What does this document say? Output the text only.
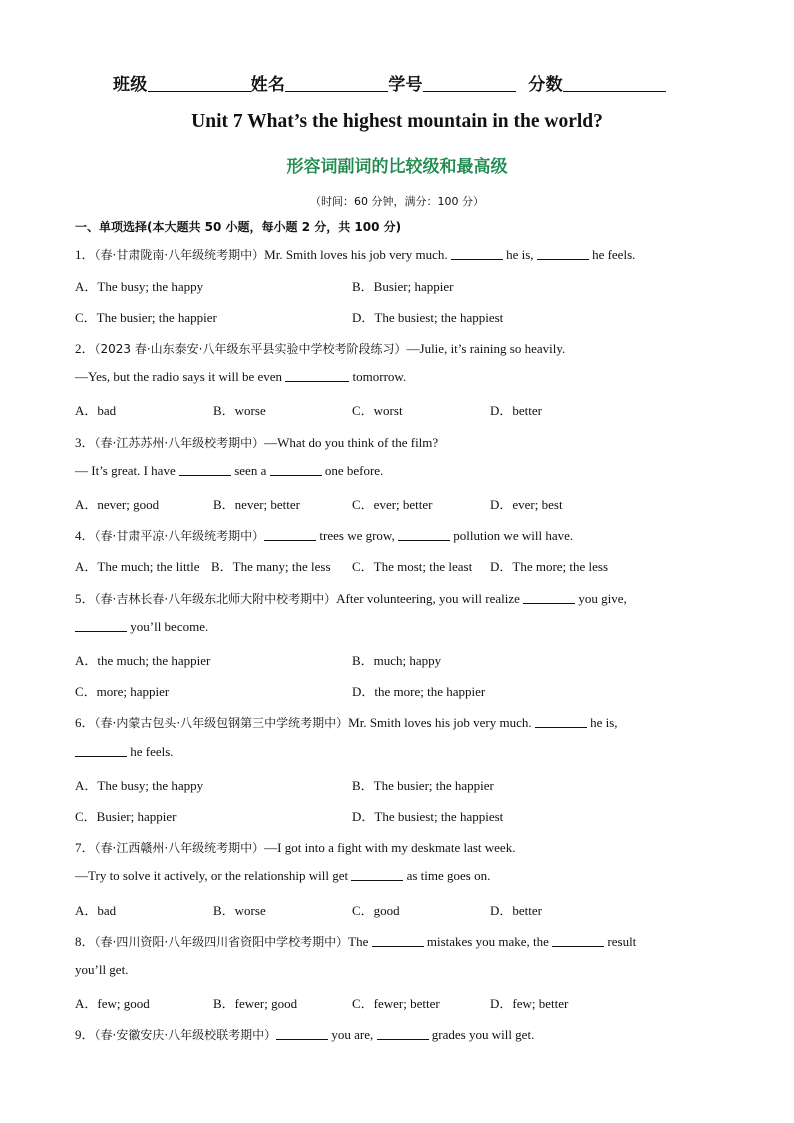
班级	姓名	学号	分数
Unit 7 What’s the highest mountain in the world?
形容词副词的比较级和最高级
（时间：60 分钟，满分：100 分）
一、单项选择(本大题共 50 小题，每小题 2 分，共 100 分)
1．（春·甘肃陇南·八年级统考期中）Mr. Smith loves his job very much.	he is,	he feels.
A．The busy; the happy	B．Busier; happier
C．The busier; the happier	D．The busiest; the happiest
2．（2023 春·山东泰安·八年级东平县实验中学校考阶段练习）—Julie, it’s raining so heavily.
—Yes, but the radio says it will be even	tomorrow.
A．bad	B．worse	C．worst	D．better
3．（春·江苏苏州·八年级校考期中）—What do you think of the film?
— It’s great. I have	seen a	one before.
A．never; good	B．never; better	C．ever; better	D．ever; best
4．（春·甘肃平凉·八年级统考期中）	trees we grow,	pollution we will have.
A．The much; the little B．The many; the less C．The most; the least D．The more; the less
5．（春·吉林长春·八年级东北师大附中校考期中）After volunteering, you will realize	you give,
you’ll become.
A．the much; the happier	B．much; happy
C．more; happier	D．the more; the happier
6．（春·内蒙古包头·八年级包钢第三中学统考期中）Mr. Smith loves his job very much.	he is,
he feels.
A．The busy; the happy	B．The busier; the happier
C．Busier; happier	D．The busiest; the happiest
7．（春·江西赣州·八年级统考期中）—I got into a fight with my deskmate last week.
—Try to solve it actively, or the relationship will get	as time goes on.
A．bad	B．worse	C．good	D．better
8．（春·四川资阳·八年级四川省资阳中学校考期中）The	mistakes you make, the	result
you’ll get.
A．few; good	B．fewer; good	C．fewer; better	D．few; better
9．（春·安徽安庆·八年级校联考期中）	you are,	grades you will get.
